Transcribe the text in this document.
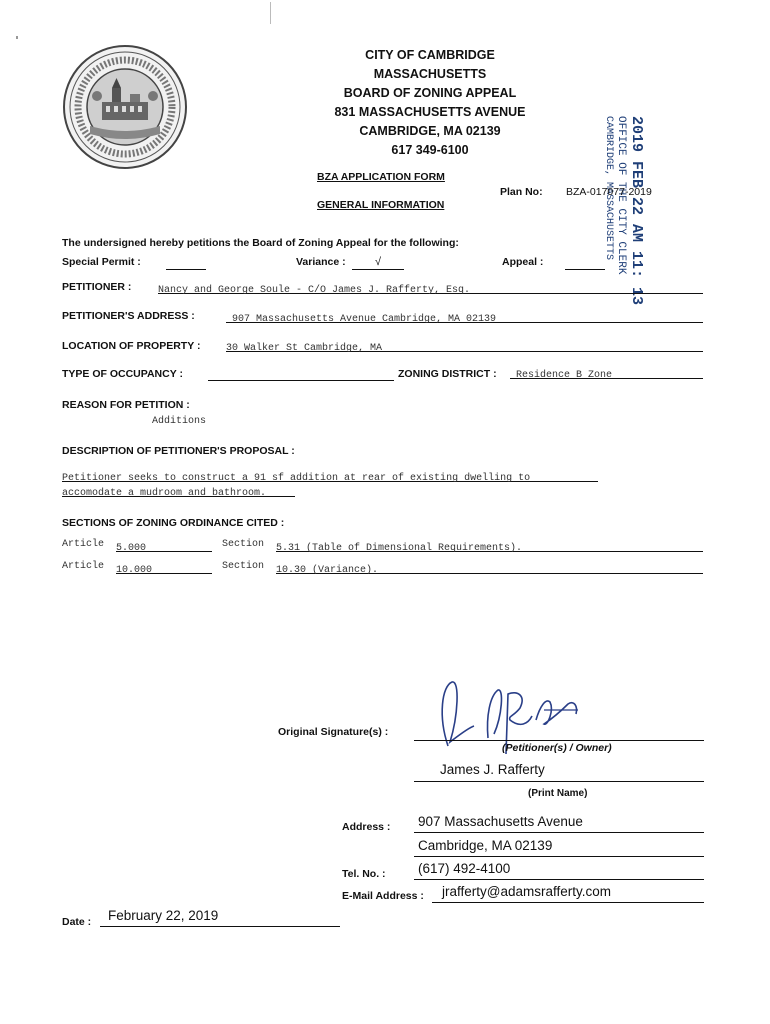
CITY OF CAMBRIDGE
MASSACHUSETTS
BOARD OF ZONING APPEAL
831 MASSACHUSETTS AVENUE
CAMBRIDGE, MA 02139
617 349-6100	2019 FEB 22 AM 11: 13
OFFICE OF THE CITY CLERK
CAMBRIDGE, MASSACHUSETTS
BZA APPLICATION FORM
GENERAL INFORMATION
Plan No: BZA-017077-2019
The undersigned hereby petitions the Board of Zoning Appeal for the following:
Special Permit :	Variance :	√	Appeal :
PETITIONER :	Nancy and George Soule - C/O James J. Rafferty, Esq.
PETITIONER'S ADDRESS :	907 Massachusetts Avenue Cambridge, MA 02139
LOCATION OF PROPERTY :	30 Walker St Cambridge, MA
TYPE OF OCCUPANCY :	ZONING DISTRICT :	Residence B Zone
REASON FOR PETITION :
Additions
DESCRIPTION OF PETITIONER'S PROPOSAL :
Petitioner seeks to construct a 91 sf addition at rear of existing dwelling to
accomodate a mudroom and bathroom.
SECTIONS OF ZONING ORDINANCE CITED :
Article 5.000	Section 5.31 (Table of Dimensional Requirements).
Article 10.000	Section 10.30 (Variance).
Original Signature(s) :
(Petitioner(s) / Owner)
James J. Rafferty
(Print Name)
Address : 907 Massachusetts Avenue
Cambridge, MA 02139
Tel. No. : (617) 492-4100
E-Mail Address :	jrafferty@adamsrafferty.com
Date :	February 22, 2019
